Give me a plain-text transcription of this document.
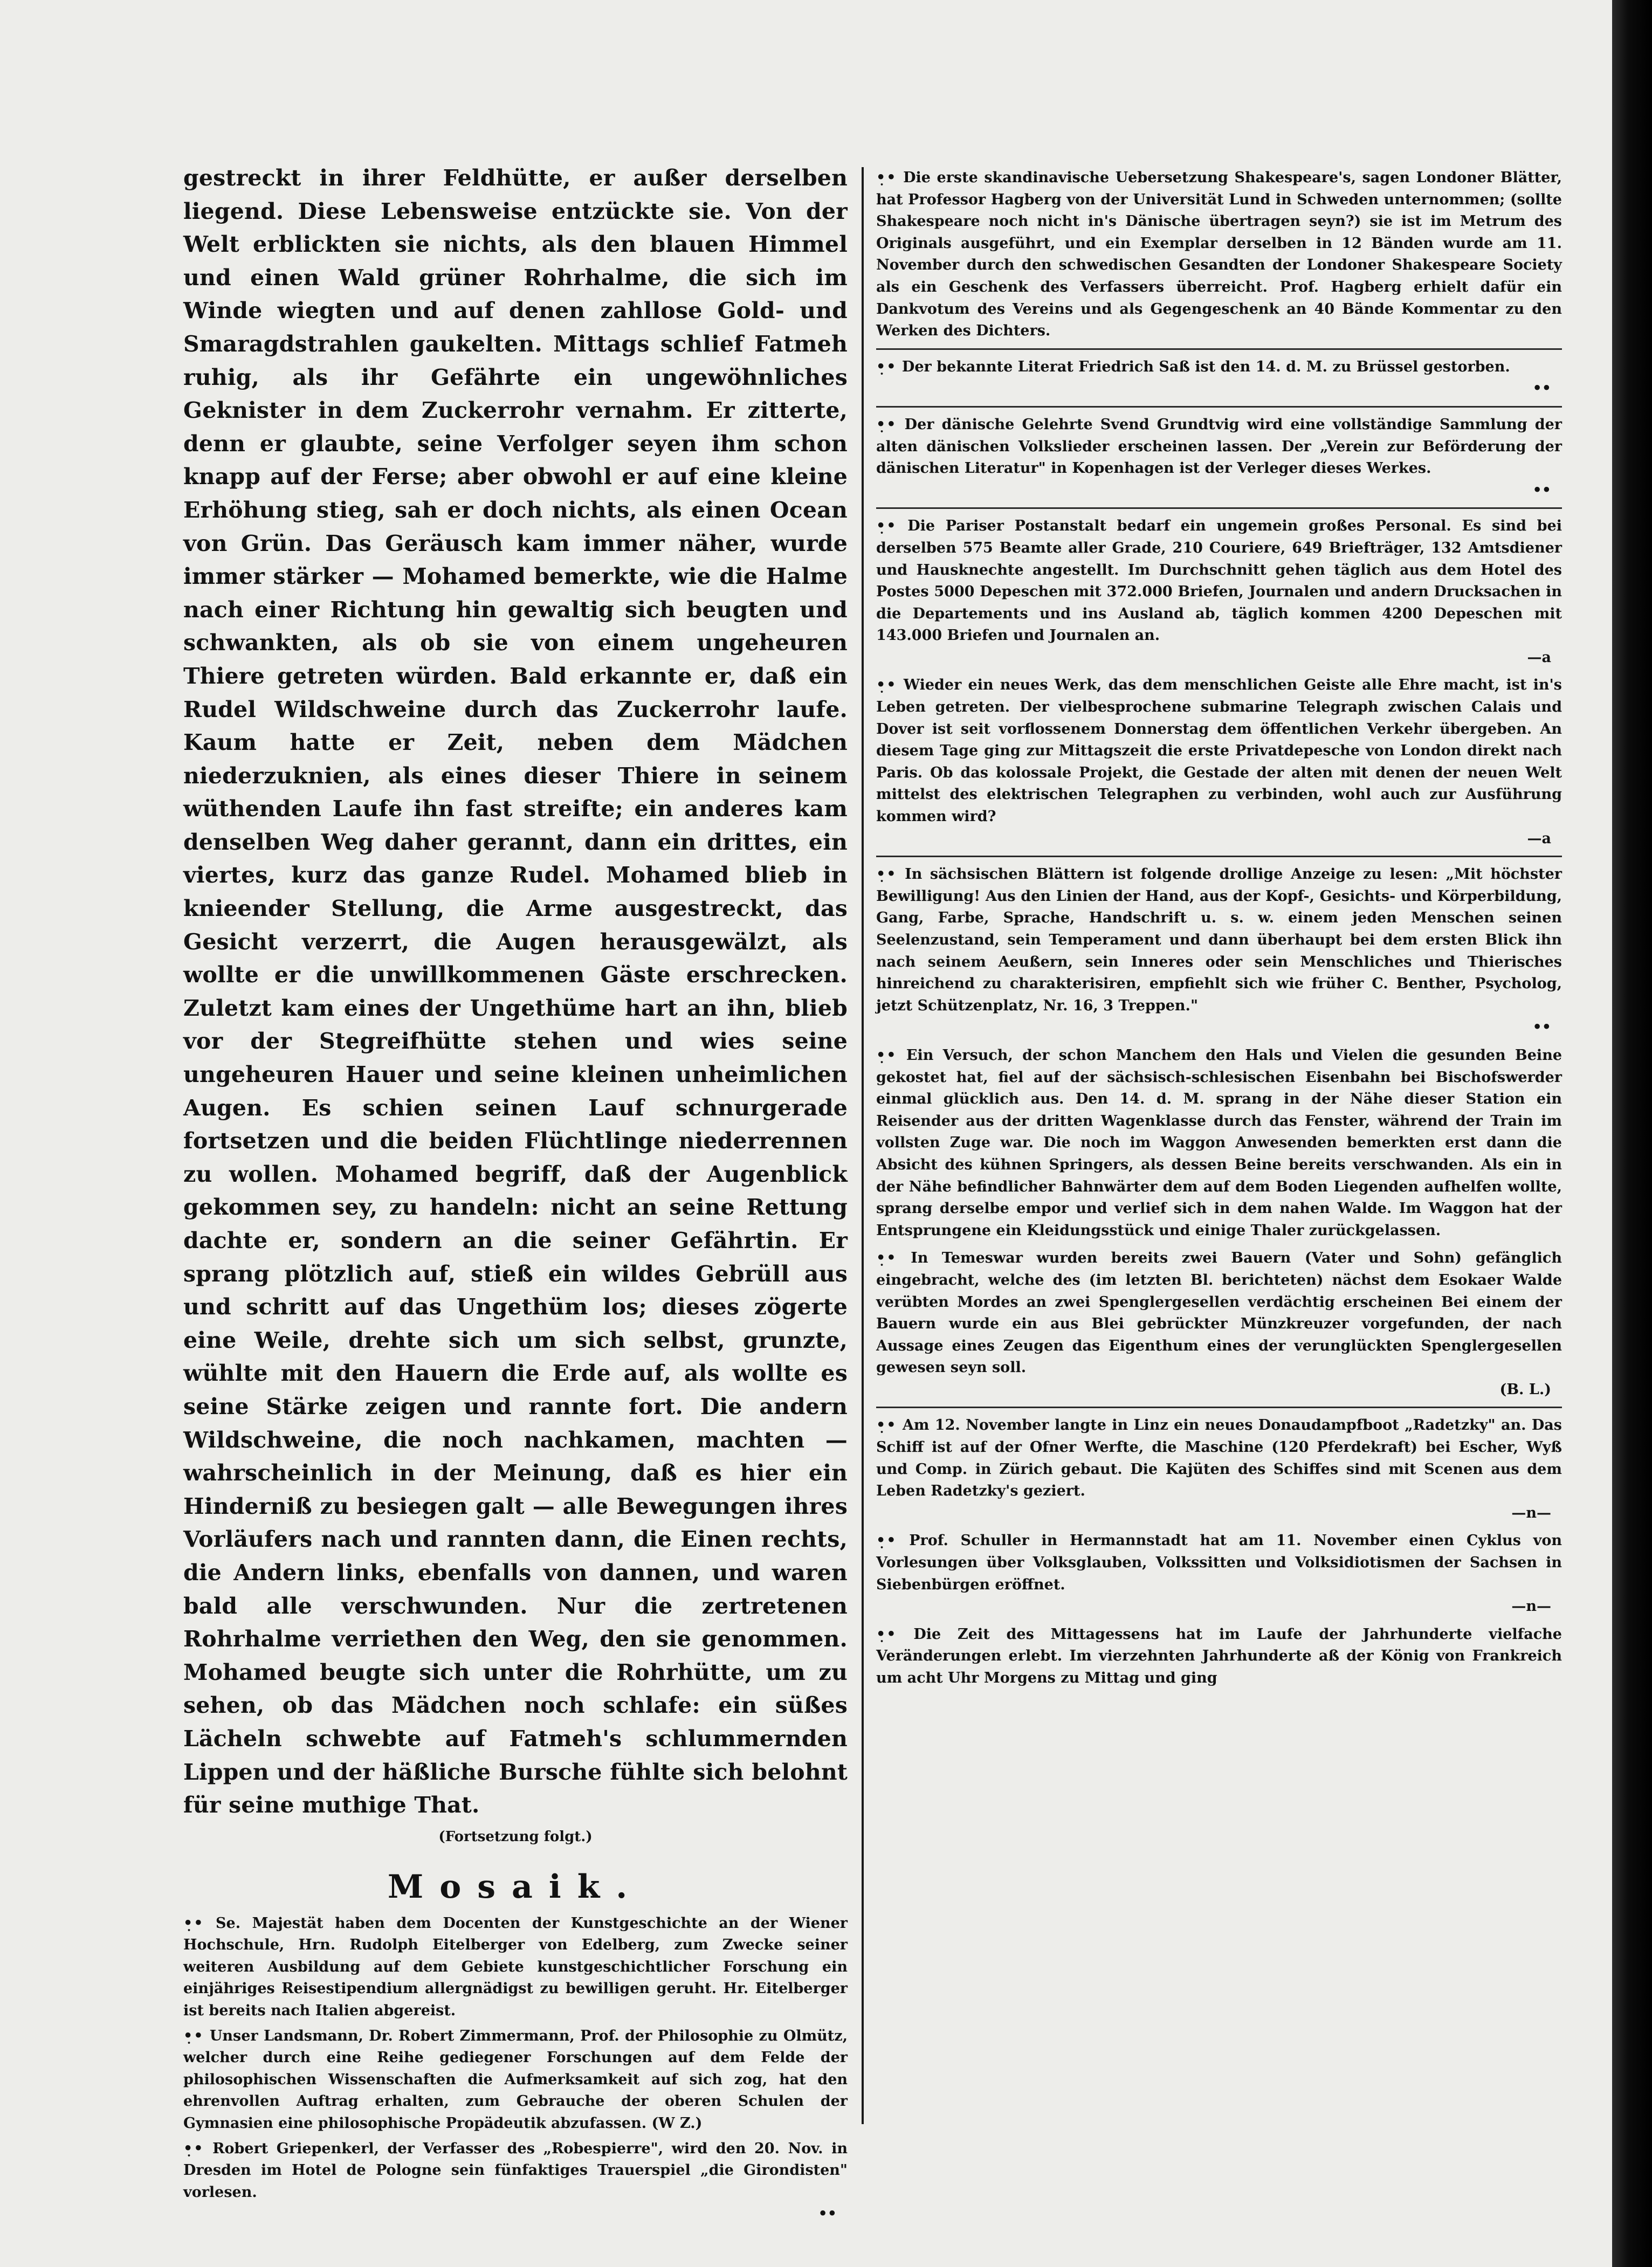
gestreckt in ihrer Feldhütte, er außer derselben liegend. Diese Lebensweise entzückte sie. Von der Welt erblickten sie nichts, als den blauen Himmel und einen Wald grüner Rohrhalme, die sich im Winde wiegten und auf denen zahllose Gold- und Smaragdstrahlen gaukelten. Mittags schlief Fatmeh ruhig, als ihr Gefährte ein ungewöhnliches Geknister in dem Zuckerrohr vernahm. Er zitterte, denn er glaubte, seine Verfolger seyen ihm schon knapp auf der Ferse; aber obwohl er auf eine kleine Erhöhung stieg, sah er doch nichts, als einen Ocean von Grün. Das Geräusch kam immer näher, wurde immer stärker — Mohamed bemerkte, wie die Halme nach einer Richtung hin gewaltig sich beugten und schwankten, als ob sie von einem ungeheuren Thiere getreten würden. Bald erkannte er, daß ein Rudel Wildschweine durch das Zuckerrohr laufe. Kaum hatte er Zeit, neben dem Mädchen niederzuknien, als eines dieser Thiere in seinem wüthenden Laufe ihn fast streifte; ein anderes kam denselben Weg daher gerannt, dann ein drittes, ein viertes, kurz das ganze Rudel. Mohamed blieb in knieender Stellung, die Arme ausgestreckt, das Gesicht verzerrt, die Augen herausgewälzt, als wollte er die unwillkommenen Gäste erschrecken. Zuletzt kam eines der Ungethüme hart an ihn, blieb vor der Stegreifhütte stehen und wies seine ungeheuren Hauer und seine kleinen unheimlichen Augen. Es schien seinen Lauf schnurgerade fortsetzen und die beiden Flüchtlinge niederrennen zu wollen. Mohamed begriff, daß der Augenblick gekommen sey, zu handeln: nicht an seine Rettung dachte er, sondern an die seiner Gefährtin. Er sprang plötzlich auf, stieß ein wildes Gebrüll aus und schritt auf das Ungethüm los; dieses zögerte eine Weile, drehte sich um sich selbst, grunzte, wühlte mit den Hauern die Erde auf, als wollte es seine Stärke zeigen und rannte fort. Die andern Wildschweine, die noch nachkamen, machten — wahrscheinlich in der Meinung, daß es hier ein Hinderniß zu besiegen galt — alle Bewegungen ihres Vorläufers nach und rannten dann, die Einen rechts, die Andern links, ebenfalls von dannen, und waren bald alle verschwunden. Nur die zertretenen Rohrhalme verriethen den Weg, den sie genommen. Mohamed beugte sich unter die Rohrhütte, um zu sehen, ob das Mädchen noch schlafe: ein süßes Lächeln schwebte auf Fatmeh's schlummernden Lippen und der häßliche Bursche fühlte sich belohnt für seine muthige That.

(Fortsetzung folgt.)
Mosaik.

•̣• Se. Majestät haben dem Docenten der Kunstgeschichte an der Wiener Hochschule, Hrn. Rudolph Eitelberger von Edelberg, zum Zwecke seiner weiteren Ausbildung auf dem Gebiete kunstgeschichtlicher Forschung ein einjähriges Reisestipendium allergnädigst zu bewilligen geruht. Hr. Eitelberger ist bereits nach Italien abgereist.

•̣• Unser Landsmann, Dr. Robert Zimmermann, Prof. der Philosophie zu Olmütz, welcher durch eine Reihe gediegener Forschungen auf dem Felde der philosophischen Wissenschaften die Aufmerksamkeit auf sich zog, hat den ehrenvollen Auftrag erhalten, zum Gebrauche der oberen Schulen der Gymnasien eine philosophische Propädeutik abzufassen. (W Z.)

•̣• Robert Griepenkerl, der Verfasser des „Robespierre", wird den 20. Nov. in Dresden im Hotel de Pologne sein fünfaktiges Trauerspiel „die Girondisten" vorlesen.
••

•̣• Die erste skandinavische Uebersetzung Shakespeare's, sagen Londoner Blätter, hat Professor Hagberg von der Universität Lund in Schweden unternommen; (sollte Shakespeare noch nicht in's Dänische übertragen seyn?) sie ist im Metrum des Originals ausgeführt, und ein Exemplar derselben in 12 Bänden wurde am 11. November durch den schwedischen Gesandten der Londoner Shakespeare Society als ein Geschenk des Verfassers überreicht. Prof. Hagberg erhielt dafür ein Dankvotum des Vereins und als Gegengeschenk an 40 Bände Kommentar zu den Werken des Dichters.

•̣• Der bekannte Literat Friedrich Saß ist den 14. d. M. zu Brüssel gestorben.
••

•̣• Der dänische Gelehrte Svend Grundtvig wird eine vollständige Sammlung der alten dänischen Volkslieder erscheinen lassen. Der „Verein zur Beförderung der dänischen Literatur" in Kopenhagen ist der Verleger dieses Werkes.
••

•̣• Die Pariser Postanstalt bedarf ein ungemein großes Personal. Es sind bei derselben 575 Beamte aller Grade, 210 Couriere, 649 Briefträger, 132 Amtsdiener und Hausknechte angestellt. Im Durchschnitt gehen täglich aus dem Hotel des Postes 5000 Depeschen mit 372.000 Briefen, Journalen und andern Drucksachen in die Departements und ins Ausland ab, täglich kommen 4200 Depeschen mit 143.000 Briefen und Journalen an.
—a

•̣• Wieder ein neues Werk, das dem menschlichen Geiste alle Ehre macht, ist in's Leben getreten. Der vielbesprochene submarine Telegraph zwischen Calais und Dover ist seit vorflossenem Donnerstag dem öffentlichen Verkehr übergeben. An diesem Tage ging zur Mittagszeit die erste Privatdepesche von London direkt nach Paris. Ob das kolossale Projekt, die Gestade der alten mit denen der neuen Welt mittelst des elektrischen Telegraphen zu verbinden, wohl auch zur Ausführung kommen wird?
—a

•̣• In sächsischen Blättern ist folgende drollige Anzeige zu lesen: „Mit höchster Bewilligung! Aus den Linien der Hand, aus der Kopf-, Gesichts- und Körperbildung, Gang, Farbe, Sprache, Handschrift u. s. w. einem jeden Menschen seinen Seelenzustand, sein Temperament und dann überhaupt bei dem ersten Blick ihn nach seinem Aeußern, sein Inneres oder sein Menschliches und Thierisches hinreichend zu charakterisiren, empfiehlt sich wie früher C. Benther, Psycholog, jetzt Schützenplatz, Nr. 16, 3 Treppen."
••

•̣• Ein Versuch, der schon Manchem den Hals und Vielen die gesunden Beine gekostet hat, fiel auf der sächsisch-schlesischen Eisenbahn bei Bischofswerder einmal glücklich aus. Den 14. d. M. sprang in der Nähe dieser Station ein Reisender aus der dritten Wagenklasse durch das Fenster, während der Train im vollsten Zuge war. Die noch im Waggon Anwesenden bemerkten erst dann die Absicht des kühnen Springers, als dessen Beine bereits verschwanden. Als ein in der Nähe befindlicher Bahnwärter dem auf dem Boden Liegenden aufhelfen wollte, sprang derselbe empor und verlief sich in dem nahen Walde. Im Waggon hat der Entsprungene ein Kleidungsstück und einige Thaler zurückgelassen.

•̣• In Temeswar wurden bereits zwei Bauern (Vater und Sohn) gefänglich eingebracht, welche des (im letzten Bl. berichteten) nächst dem Esokaer Walde verübten Mordes an zwei Spenglergesellen verdächtig erscheinen Bei einem der Bauern wurde ein aus Blei gebrückter Münzkreuzer vorgefunden, der nach Aussage eines Zeugen das Eigenthum eines der verunglückten Spenglergesellen gewesen seyn soll.
(B. L.)

•̣• Am 12. November langte in Linz ein neues Donaudampfboot „Radetzky" an. Das Schiff ist auf der Ofner Werfte, die Maschine (120 Pferdekraft) bei Escher, Wyß und Comp. in Zürich gebaut. Die Kajüten des Schiffes sind mit Scenen aus dem Leben Radetzky's geziert.
—n—

•̣• Prof. Schuller in Hermannstadt hat am 11. November einen Cyklus von Vorlesungen über Volksglauben, Volkssitten und Volksidiotismen der Sachsen in Siebenbürgen eröffnet.
—n—

•̣• Die Zeit des Mittagessens hat im Laufe der Jahrhunderte vielfache Veränderungen erlebt. Im vierzehnten Jahrhunderte aß der König von Frankreich um acht Uhr Morgens zu Mittag und ging
